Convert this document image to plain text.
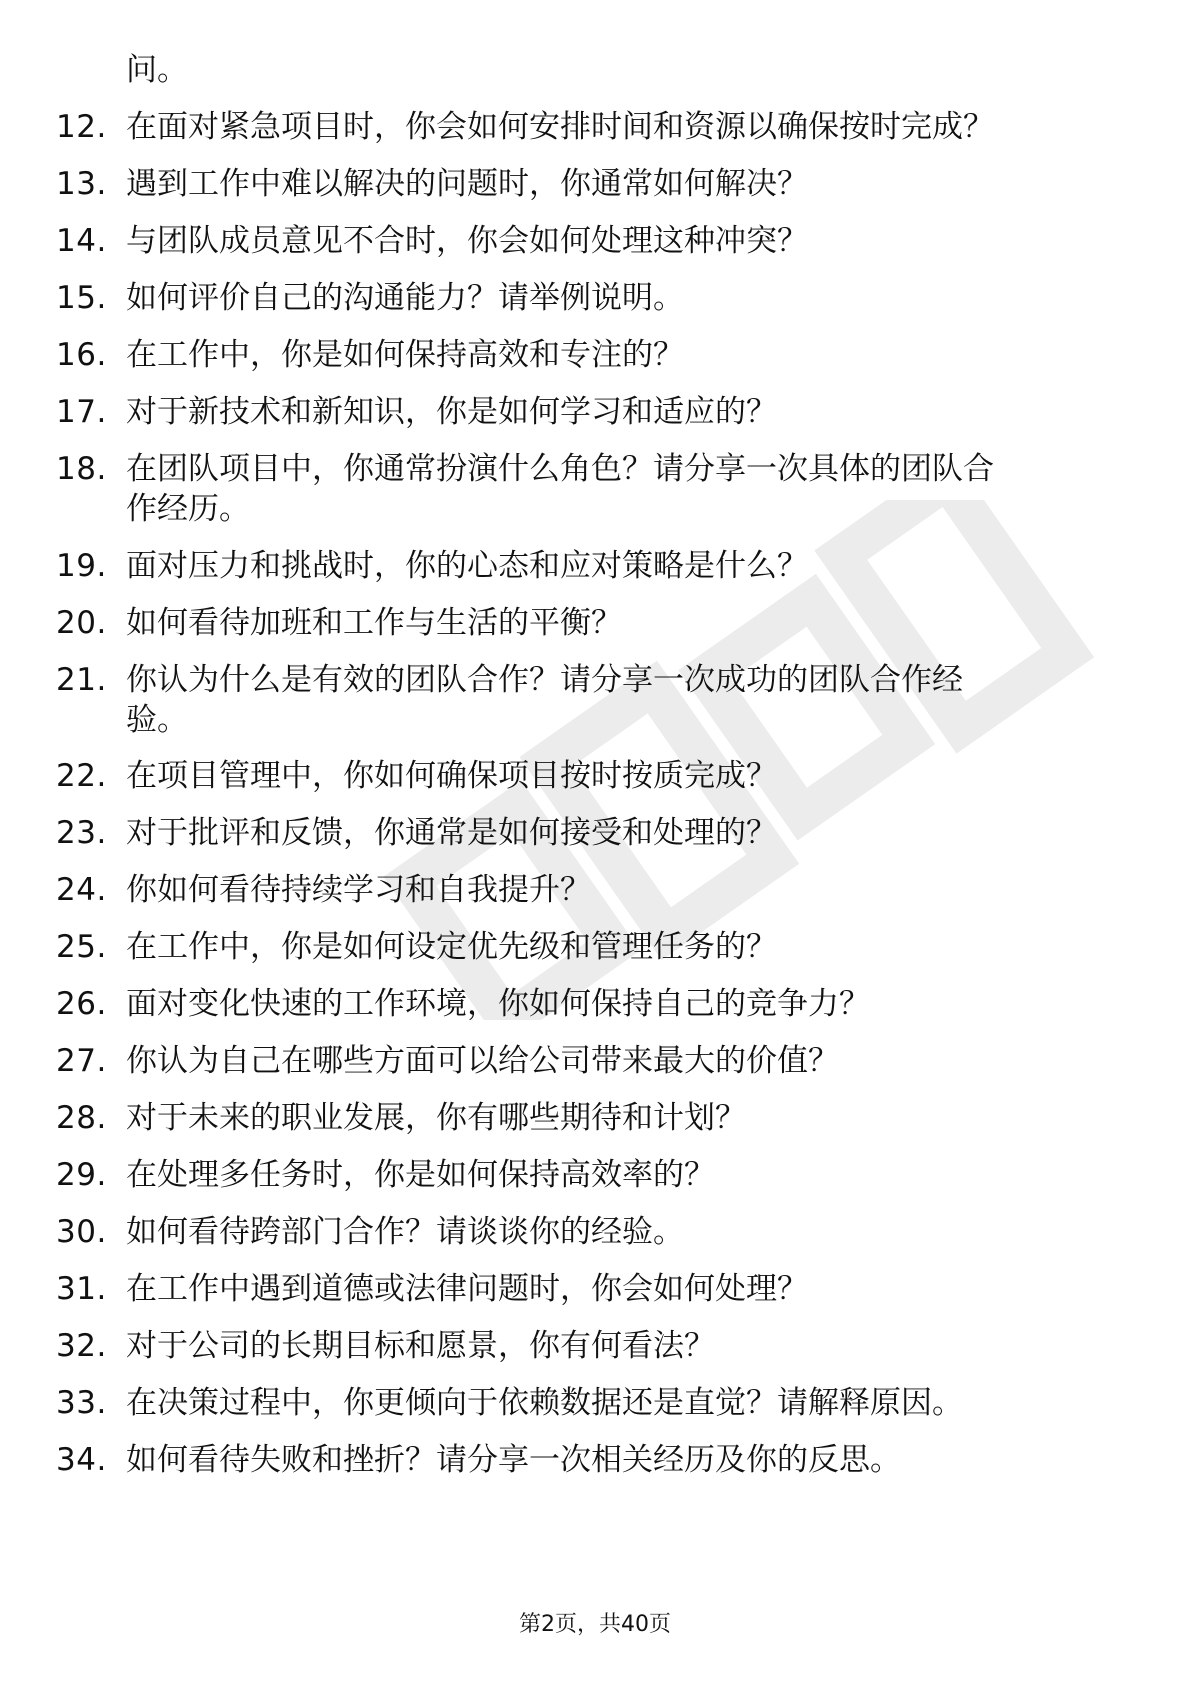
问。
12. 在面对紧急项目时，你会如何安排时间和资源以确保按时完成？
13. 遇到工作中难以解决的问题时，你通常如何解决？
14. 与团队成员意见不合时，你会如何处理这种冲突？
15. 如何评价自己的沟通能力？请举例说明。
16. 在工作中，你是如何保持高效和专注的？
17. 对于新技术和新知识，你是如何学习和适应的？
18. 在团队项目中，你通常扮演什么角色？请分享一次具体的团队合
作经历。
19. 面对压力和挑战时，你的心态和应对策略是什么？
20. 如何看待加班和工作与生活的平衡？
21. 你认为什么是有效的团队合作？请分享一次成功的团队合作经
验。
22. 在项目管理中，你如何确保项目按时按质完成？
23. 对于批评和反馈，你通常是如何接受和处理的？
24. 你如何看待持续学习和自我提升？
25. 在工作中，你是如何设定优先级和管理任务的？
26. 面对变化快速的工作环境，你如何保持自己的竞争力？
27. 你认为自己在哪些方面可以给公司带来最大的价值？
28. 对于未来的职业发展，你有哪些期待和计划？
29. 在处理多任务时，你是如何保持高效率的？
30. 如何看待跨部门合作？请谈谈你的经验。
31. 在工作中遇到道德或法律问题时，你会如何处理？
32. 对于公司的长期目标和愿景，你有何看法？
33. 在决策过程中，你更倾向于依赖数据还是直觉？请解释原因。
34. 如何看待失败和挫折？请分享一次相关经历及你的反思。
第2页，共40页
